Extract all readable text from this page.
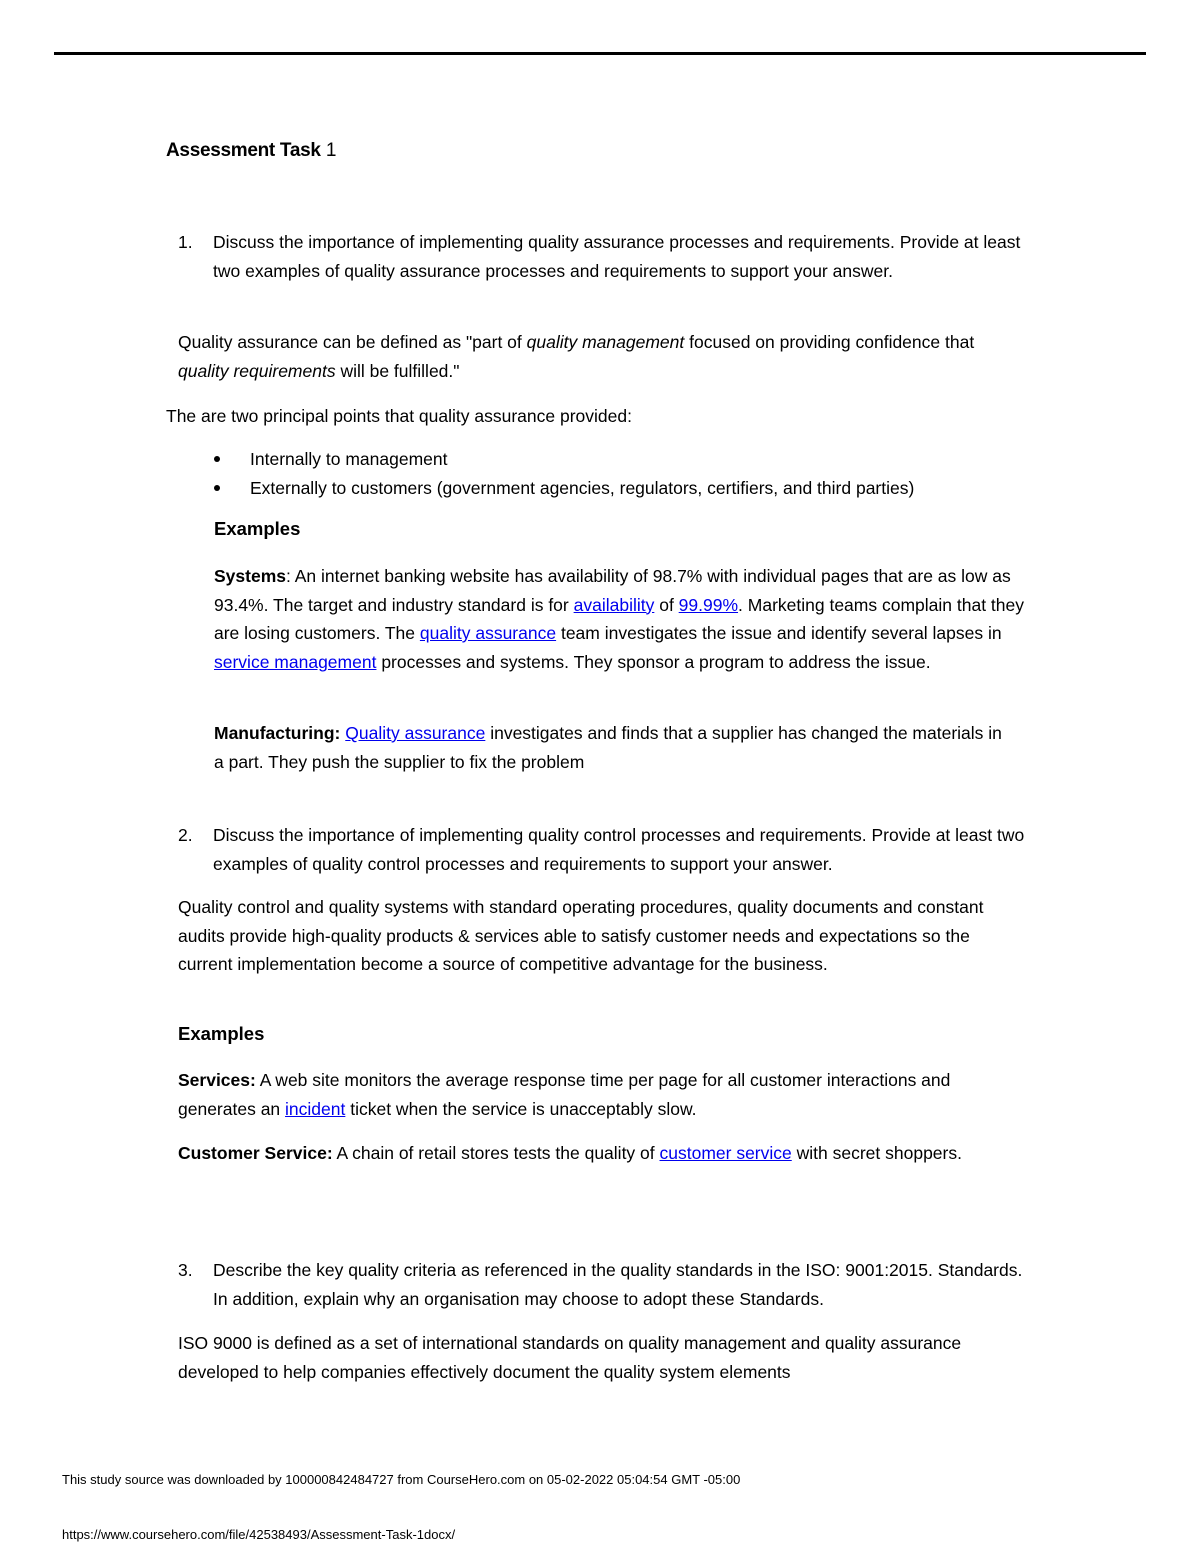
Assessment Task 1
1. Discuss the importance of implementing quality assurance processes and requirements. Provide at least two examples of quality assurance processes and requirements to support your answer.

Quality assurance can be defined as "part of quality management focused on providing confidence that quality requirements will be fulfilled."

The are two principal points that quality assurance provided:

Internally to management
Externally to customers (government agencies, regulators, certifiers, and third parties)
Examples

Systems: An internet banking website has availability of 98.7% with individual pages that are as low as 93.4%. The target and industry standard is for availability of 99.99%. Marketing teams complain that they are losing customers. The quality assurance team investigates the issue and identify several lapses in service management processes and systems. They sponsor a program to address the issue.

Manufacturing: Quality assurance investigates and finds that a supplier has changed the materials in a part. They push the supplier to fix the problem

2. Discuss the importance of implementing quality control processes and requirements. Provide at least two examples of quality control processes and requirements to support your answer.

Quality control and quality systems with standard operating procedures, quality documents and constant audits provide high-quality products & services able to satisfy customer needs and expectations so the current implementation become a source of competitive advantage for the business.

Examples

Services: A web site monitors the average response time per page for all customer interactions and generates an incident ticket when the service is unacceptably slow.

Customer Service: A chain of retail stores tests the quality of customer service with secret shoppers.

3. Describe the key quality criteria as referenced in the quality standards in the ISO: 9001:2015. Standards. In addition, explain why an organisation may choose to adopt these Standards.

ISO 9000 is defined as a set of international standards on quality management and quality assurance developed to help companies effectively document the quality system elements

This study source was downloaded by 100000842484727 from CourseHero.com on 05-02-2022 05:04:54 GMT -05:00

https://www.coursehero.com/file/42538493/Assessment-Task-1docx/
